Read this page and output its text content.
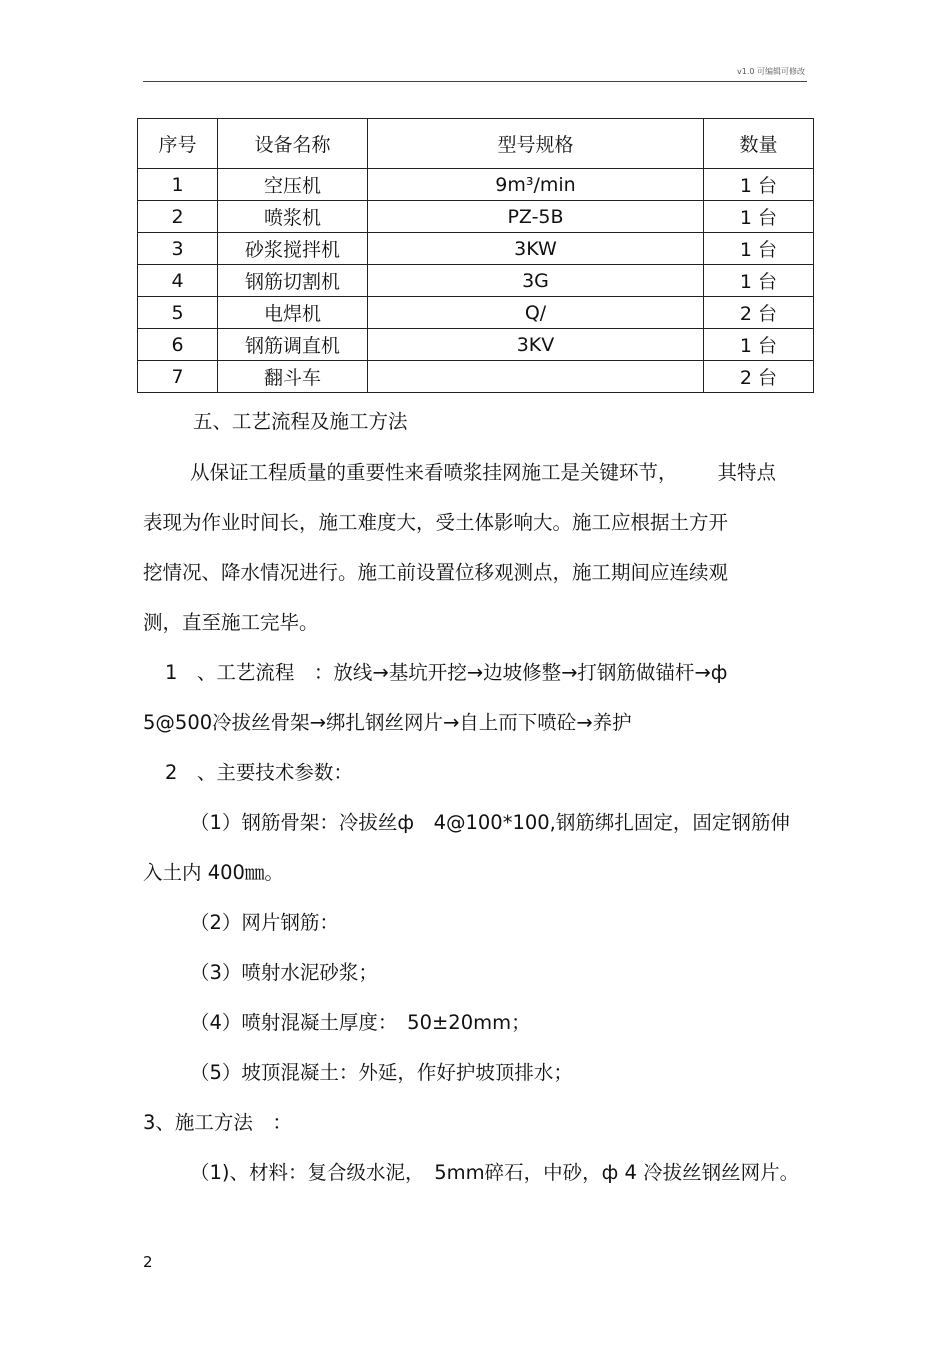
v1.0 可编辑可修改
序号	设备名称	型号规格	数量
1	空压机	9m³/min	1 台
2	喷浆机	PZ-5B	1 台
3	砂浆搅拌机	3KW	1 台
4	钢筋切割机	3G	1 台
5	电焊机	Q/	2 台
6	钢筋调直机	3KV	1 台
7	翻斗车		2 台
五、工艺流程及施工方法
从保证工程质量的重要性来看喷浆挂网施工是关键环节， 其特点
表现为作业时间长，施工难度大，受土体影响大。施工应根据土方开
挖情况、降水情况进行。施工前设置位移观测点，施工期间应连续观
测，直至施工完毕。
1　、工艺流程　：放线→基坑开挖→边坡修整→打钢筋做锚杆→ф
5@500冷拔丝骨架→绑扎钢丝网片→自上而下喷砼→养护
2　、主要技术参数：
（1）钢筋骨架：冷拔丝ф　4@100*100,钢筋绑扎固定，固定钢筋伸
入土内 400㎜。
（2）网片钢筋：
（3）喷射水泥砂浆；
（4）喷射混凝土厚度：　50±20mm；
（5）坡顶混凝土：外延，作好护坡顶排水；
3、施工方法　：
（1)、材料：复合级水泥，　5mm碎石，中砂，ф 4 冷拔丝钢丝网片。
2
